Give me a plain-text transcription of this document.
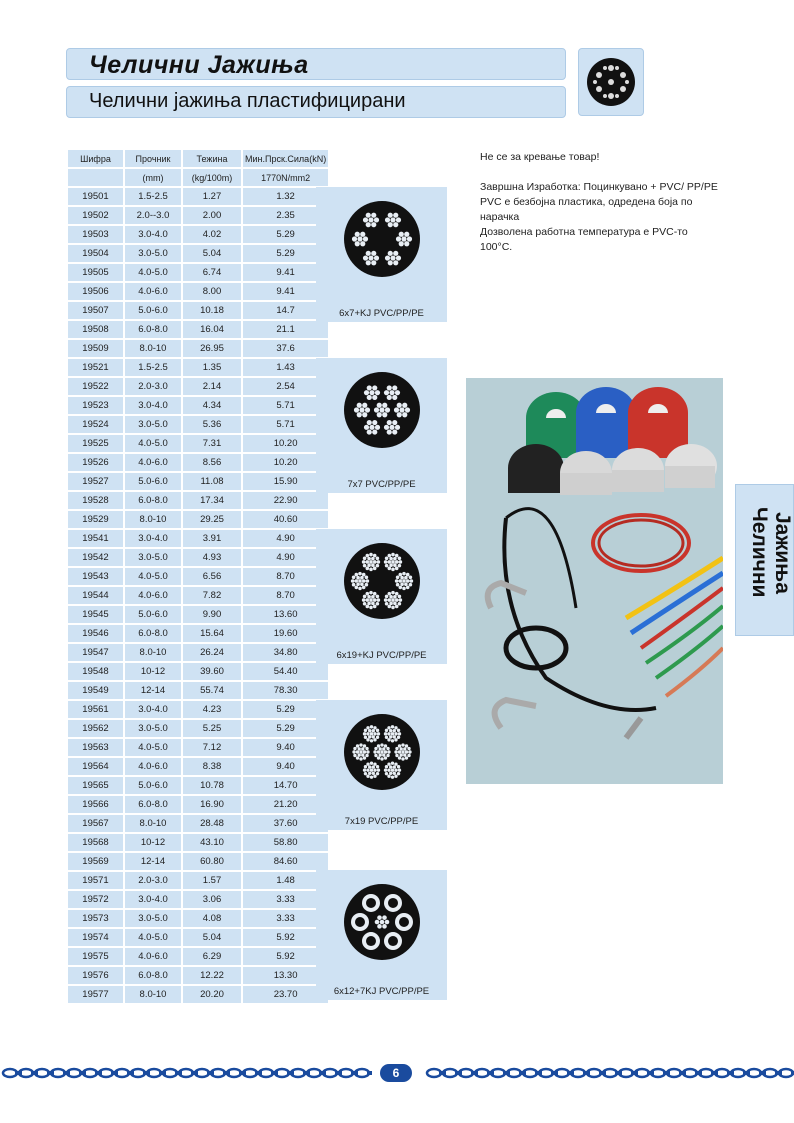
Челични Јажиња
Челични јажиња пластифицирани
Шифра	Прочник	Тежина	Мин.Прск.Сила(kN)
	(mm)	(kg/100m)	1770N/mm2
19501	1.5-2.5	1.27	1.32
19502	2.0--3.0	2.00	2.35
19503	3.0-4.0	4.02	5.29
19504	3.0-5.0	5.04	5.29
19505	4.0-5.0	6.74	9.41
19506	4.0-6.0	8.00	9.41
19507	5.0-6.0	10.18	14.7
19508	6.0-8.0	16.04	21.1
19509	8.0-10	26.95	37.6
19521	1.5-2.5	1.35	1.43
19522	2.0-3.0	2.14	2.54
19523	3.0-4.0	4.34	5.71
19524	3.0-5.0	5.36	5.71
19525	4.0-5.0	7.31	10.20
19526	4.0-6.0	8.56	10.20
19527	5.0-6.0	11.08	15.90
19528	6.0-8.0	17.34	22.90
19529	8.0-10	29.25	40.60
19541	3.0-4.0	3.91	4.90
19542	3.0-5.0	4.93	4.90
19543	4.0-5.0	6.56	8.70
19544	4.0-6.0	7.82	8.70
19545	5.0-6.0	9.90	13.60
19546	6.0-8.0	15.64	19.60
19547	8.0-10	26.24	34.80
19548	10-12	39.60	54.40
19549	12-14	55.74	78.30
19561	3.0-4.0	4.23	5.29
19562	3.0-5.0	5.25	5.29
19563	4.0-5.0	7.12	9.40
19564	4.0-6.0	8.38	9.40
19565	5.0-6.0	10.78	14.70
19566	6.0-8.0	16.90	21.20
19567	8.0-10	28.48	37.60
19568	10-12	43.10	58.80
19569	12-14	60.80	84.60
19571	2.0-3.0	1.57	1.48
19572	3.0-4.0	3.06	3.33
19573	3.0-5.0	4.08	3.33
19574	4.0-5.0	5.04	5.92
19575	4.0-6.0	6.29	5.92
19576	6.0-8.0	12.22	13.30
19577	8.0-10	20.20	23.70
6x7+KJ PVC/PP/PE
7x7 PVC/PP/PE
6x19+KJ PVC/PP/PE
7x19 PVC/PP/PE
6x12+7KJ PVC/PP/PE

Не се за кревање товар!

Завршна Изработка: Поцинкувано + PVC/ PP/PE PVC е безбојна пластика, одредена боја по нарачка

Дозволена работна температура е PVC-то 100°C.

Челични Јажиња
6
